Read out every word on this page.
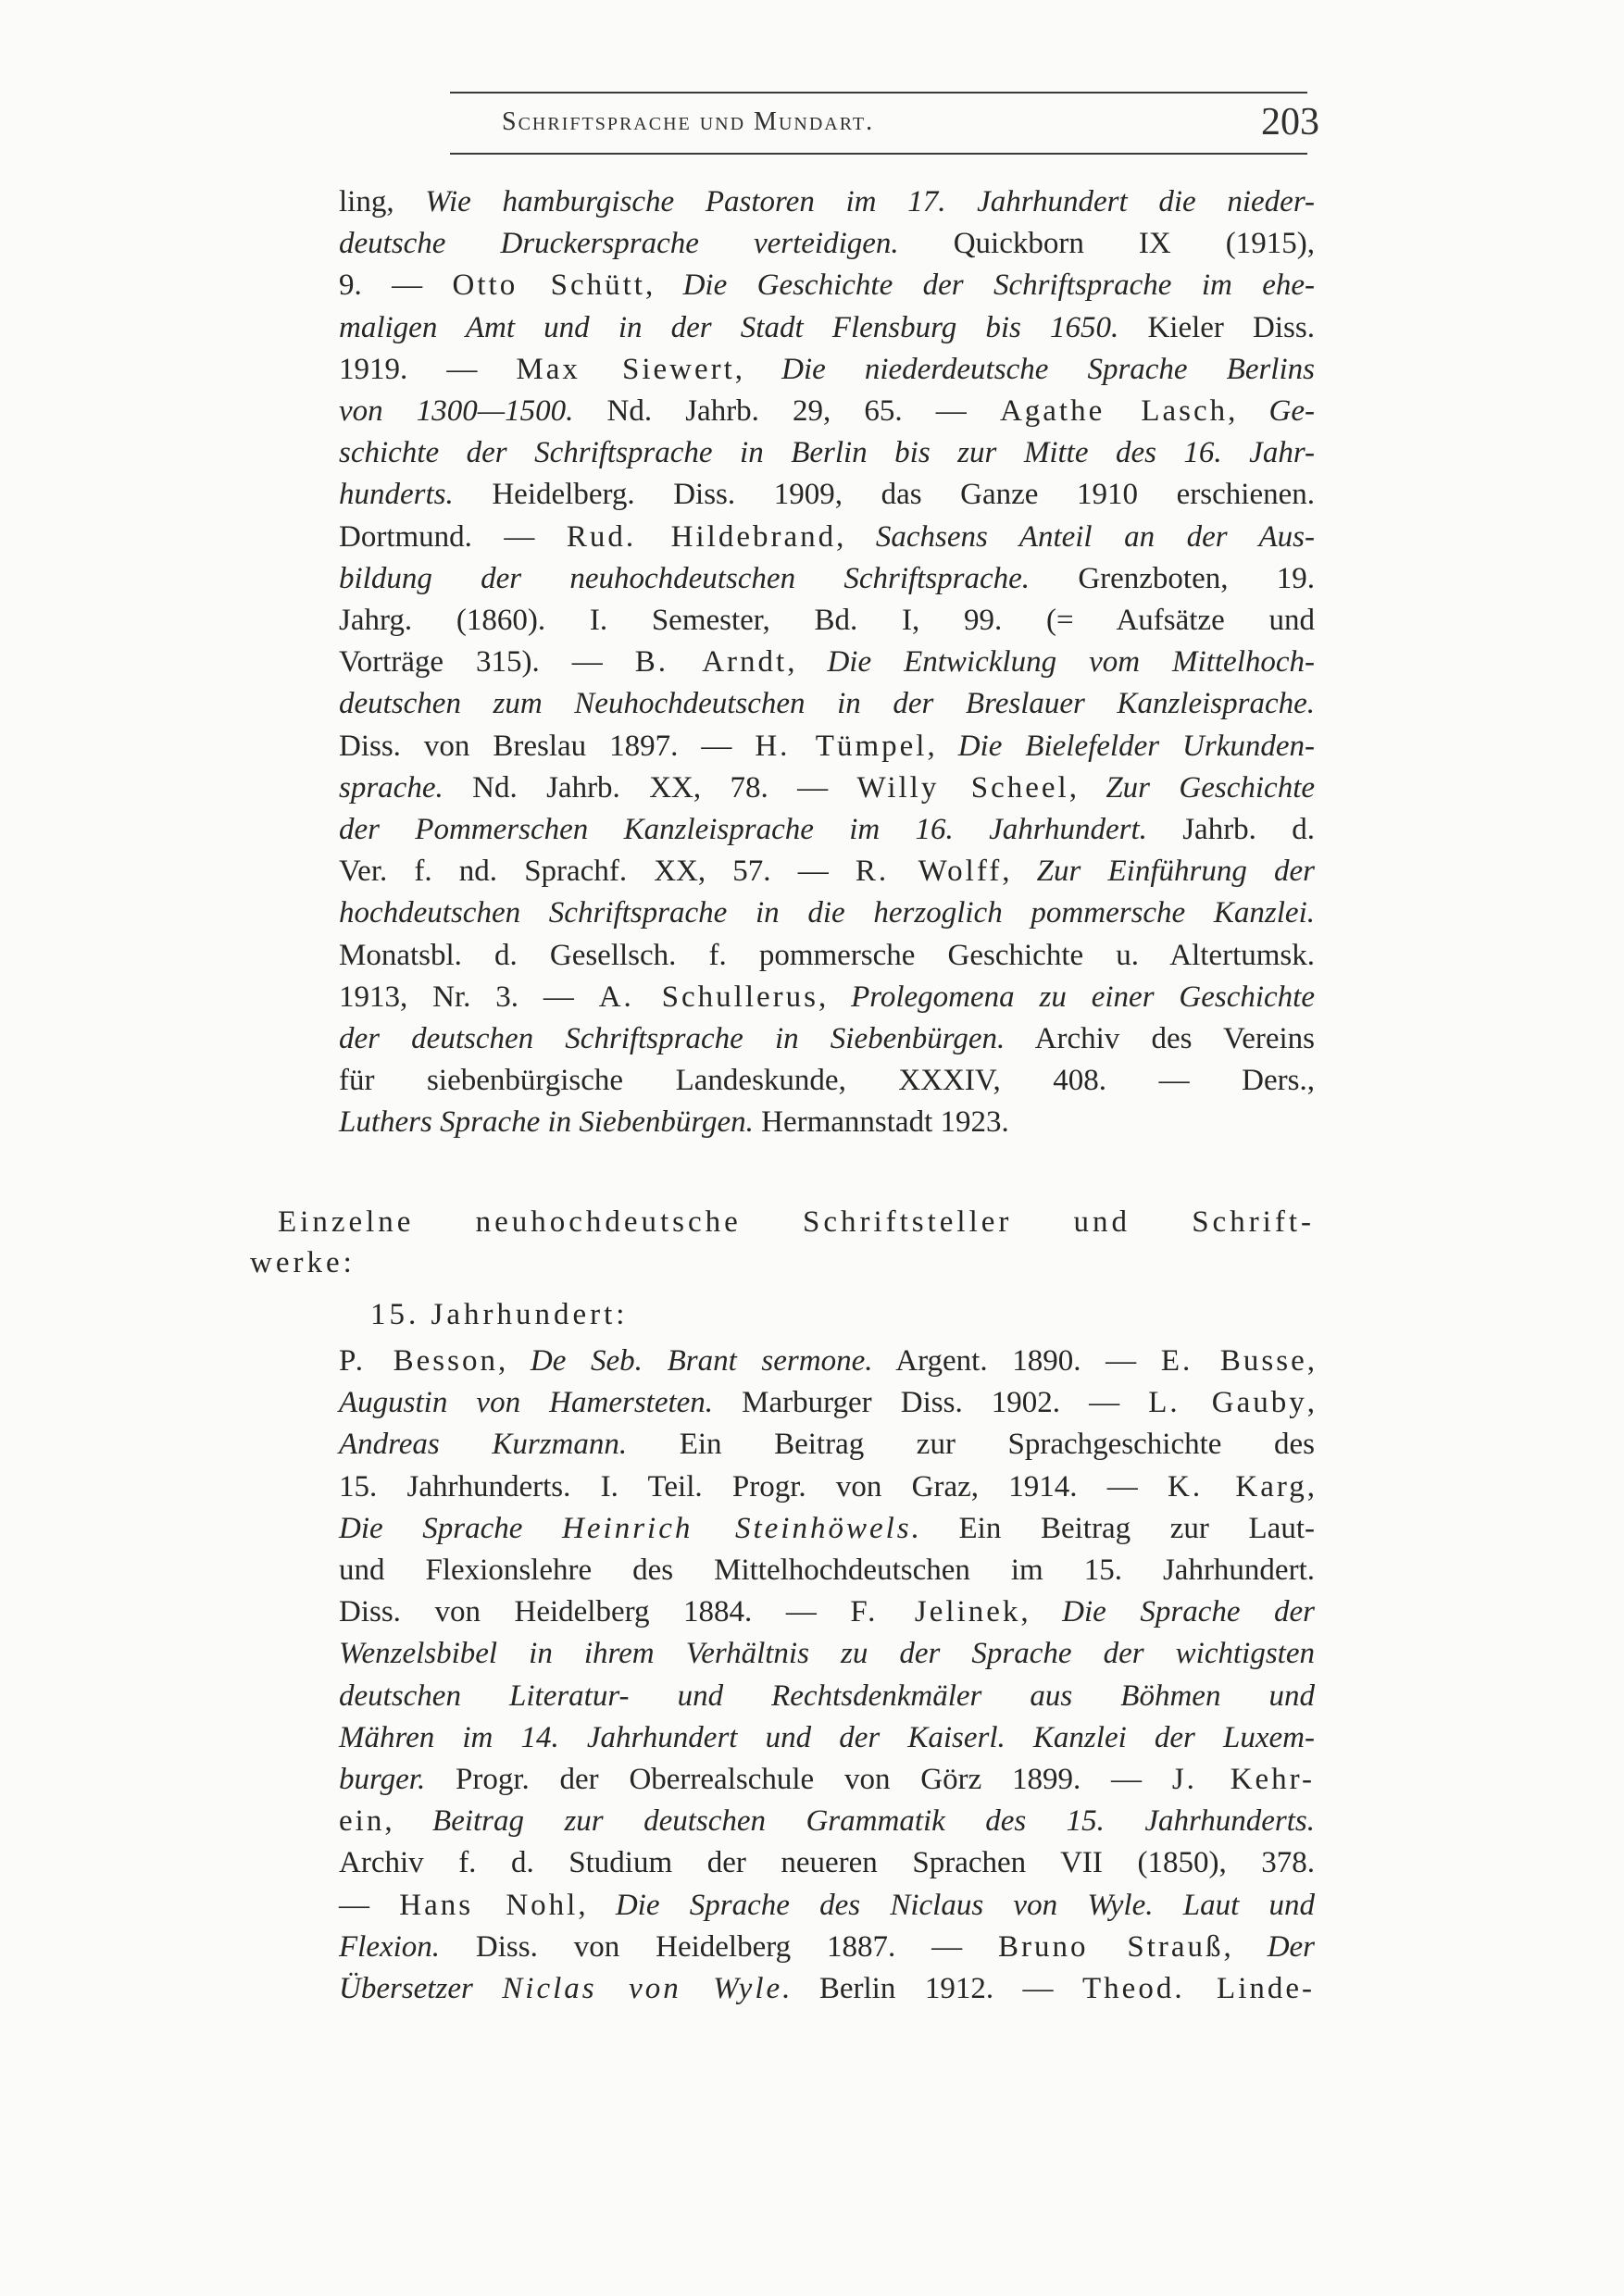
Schriftsprache und Mundart.	203
ling, Wie hamburgische Pastoren im 17. Jahrhundert die nieder-
deutsche Druckersprache verteidigen. Quickborn IX (1915),
9. — Otto Schütt, Die Geschichte der Schriftsprache im ehe-
maligen Amt und in der Stadt Flensburg bis 1650. Kieler Diss.
1919. — Max Siewert, Die niederdeutsche Sprache Berlins
von 1300—1500. Nd. Jahrb. 29, 65. — Agathe Lasch, Ge-
schichte der Schriftsprache in Berlin bis zur Mitte des 16. Jahr-
hunderts. Heidelberg. Diss. 1909, das Ganze 1910 erschienen.
Dortmund. — Rud. Hildebrand, Sachsens Anteil an der Aus-
bildung der neuhochdeutschen Schriftsprache. Grenzboten, 19.
Jahrg. (1860). I. Semester, Bd. I, 99. (= Aufsätze und
Vorträge 315). — B. Arndt, Die Entwicklung vom Mittelhoch-
deutschen zum Neuhochdeutschen in der Breslauer Kanzleisprache.
Diss. von Breslau 1897. — H. Tümpel, Die Bielefelder Urkunden-
sprache. Nd. Jahrb. XX, 78. — Willy Scheel, Zur Geschichte
der Pommerschen Kanzleisprache im 16. Jahrhundert. Jahrb. d.
Ver. f. nd. Sprachf. XX, 57. — R. Wolff, Zur Einführung der
hochdeutschen Schriftsprache in die herzoglich pommersche Kanzlei.
Monatsbl. d. Gesellsch. f. pommersche Geschichte u. Altertumsk.
1913, Nr. 3. — A. Schullerus, Prolegomena zu einer Geschichte
der deutschen Schriftsprache in Siebenbürgen. Archiv des Vereins
für siebenbürgische Landeskunde, XXXIV, 408. — Ders.,
Luthers Sprache in Siebenbürgen. Hermannstadt 1923.
Einzelne neuhochdeutsche Schriftsteller und Schrift-
werke:
15. Jahrhundert:
P. Besson, De Seb. Brant sermone. Argent. 1890. — E. Busse,
Augustin von Hamersteten. Marburger Diss. 1902. — L. Gauby,
Andreas Kurzmann. Ein Beitrag zur Sprachgeschichte des
15. Jahrhunderts. I. Teil. Progr. von Graz, 1914. — K. Karg,
Die Sprache Heinrich Steinhöwels. Ein Beitrag zur Laut-
und Flexionslehre des Mittelhochdeutschen im 15. Jahrhundert.
Diss. von Heidelberg 1884. — F. Jelinek, Die Sprache der
Wenzelsbibel in ihrem Verhältnis zu der Sprache der wichtigsten
deutschen Literatur- und Rechtsdenkmäler aus Böhmen und
Mähren im 14. Jahrhundert und der Kaiserl. Kanzlei der Luxem-
burger. Progr. der Oberrealschule von Görz 1899. — J. Kehr-
ein, Beitrag zur deutschen Grammatik des 15. Jahrhunderts.
Archiv f. d. Studium der neueren Sprachen VII (1850), 378.
— Hans Nohl, Die Sprache des Niclaus von Wyle. Laut und
Flexion. Diss. von Heidelberg 1887. — Bruno Strauß, Der
Übersetzer Niclas von Wyle. Berlin 1912. — Theod. Linde-
